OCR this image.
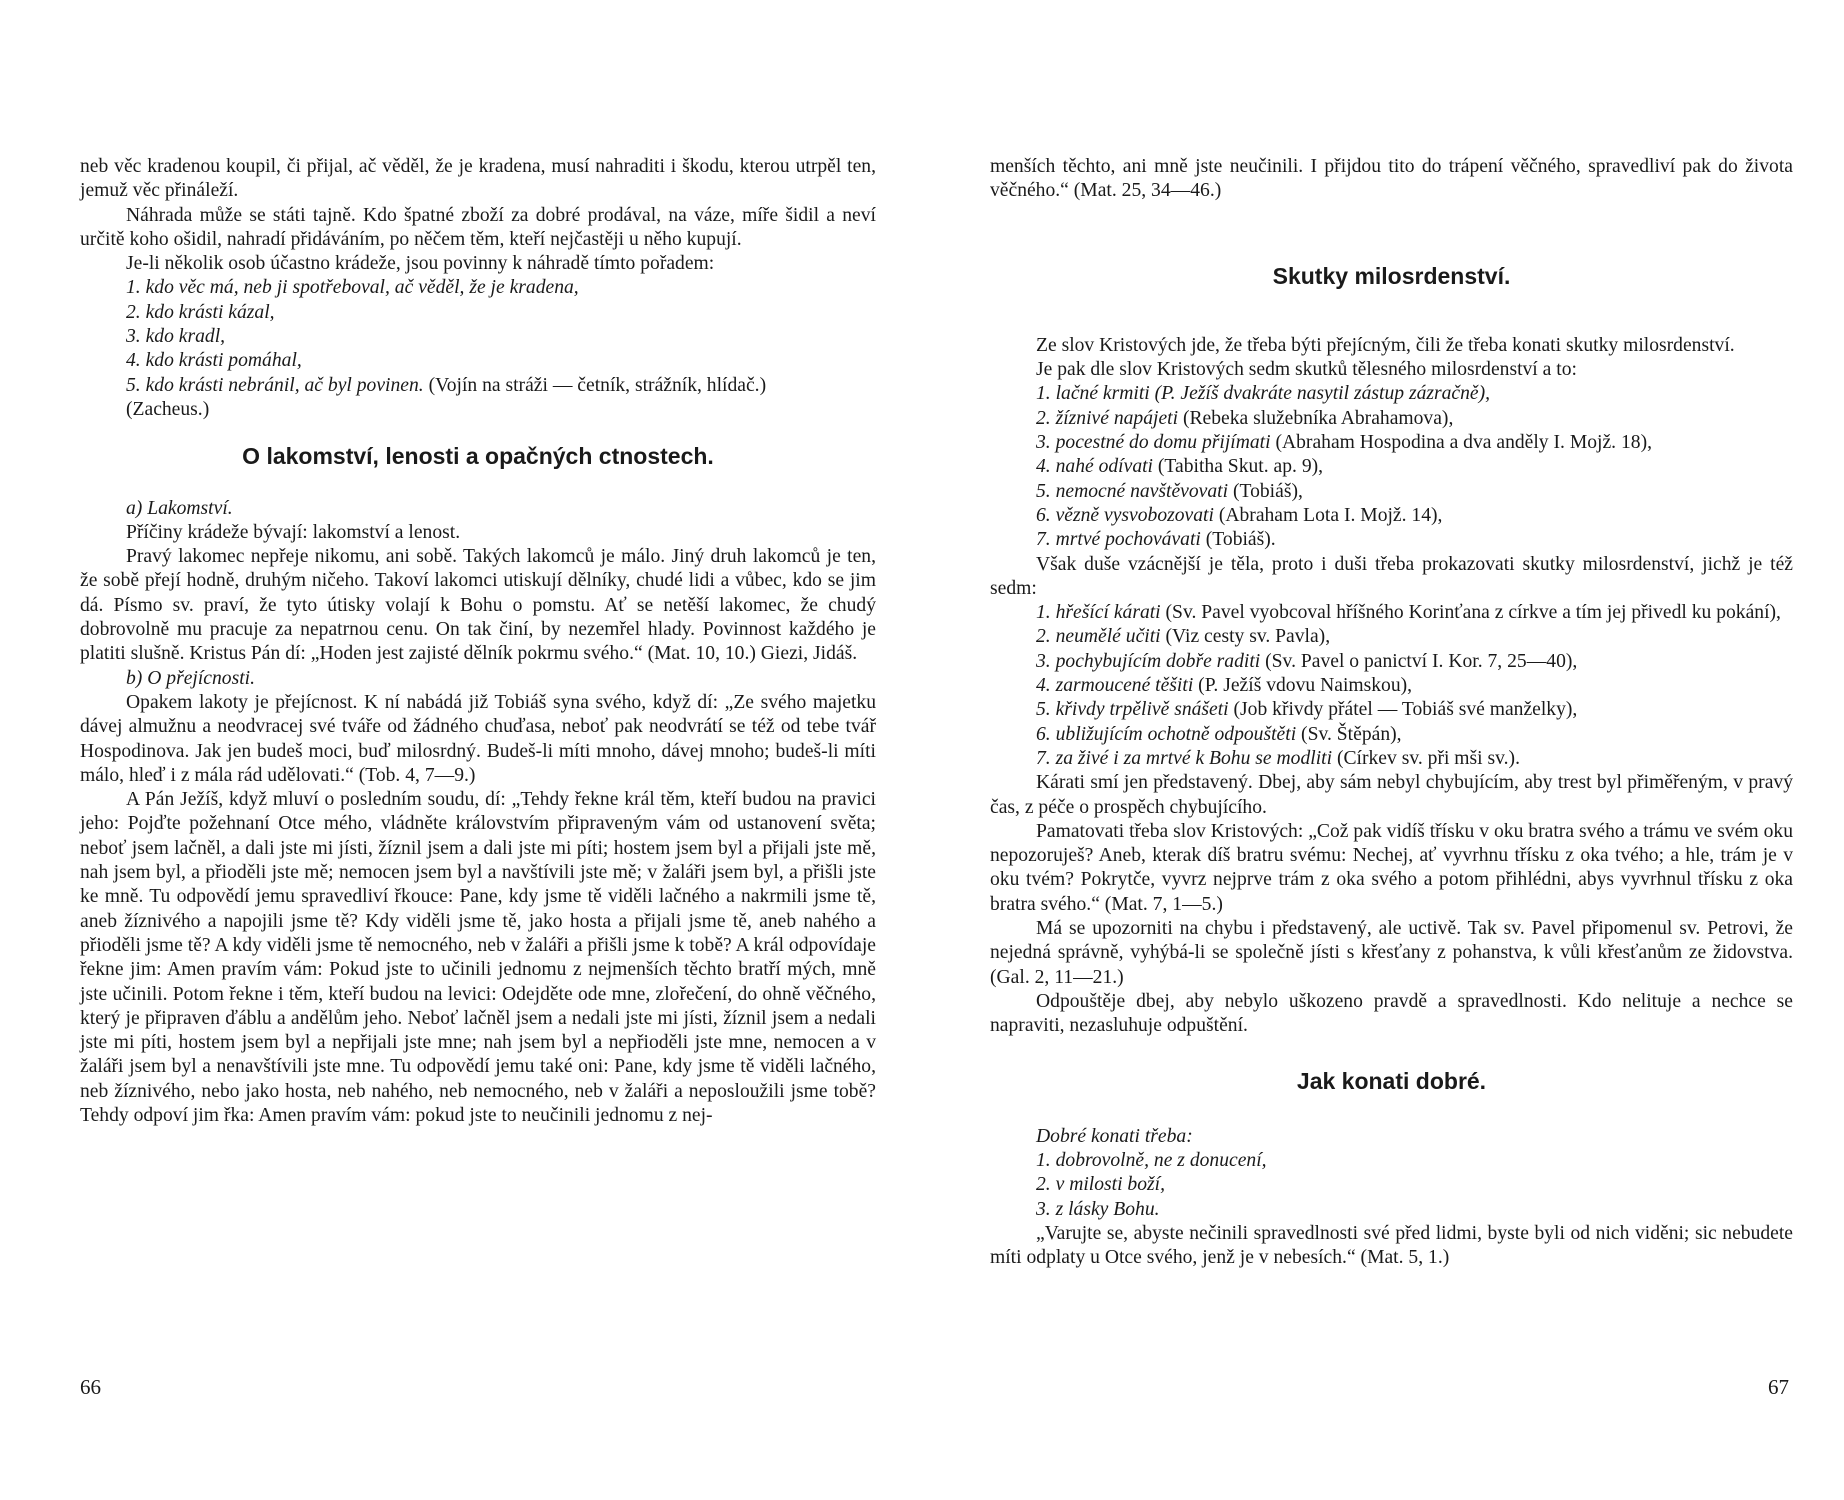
neb věc kradenou koupil, či přijal, ač věděl, že je kradena, musí nahraditi i škodu, kterou utrpěl ten, jemuž věc přináleží.

Náhrada může se státi tajně. Kdo špatné zboží za dobré prodával, na váze, míře šidil a neví určitě koho ošidil, nahradí přidáváním, po něčem těm, kteří nejčastěji u něho kupují.

Je-li několik osob účastno krádeže, jsou povinny k náhradě tímto pořadem:

1. kdo věc má, neb ji spotřeboval, ač věděl, že je kradena,

2. kdo krásti kázal,

3. kdo kradl,

4. kdo krásti pomáhal,

5. kdo krásti nebránil, ač byl povinen. (Vojín na stráži — četník, strážník, hlídač.)

(Zacheus.)

O lakomství, lenosti a opačných ctnostech.

a) Lakomství.

Příčiny krádeže bývají: lakomství a lenost.

Pravý lakomec nepřeje nikomu, ani sobě. Takých lakomců je málo. Jiný druh lakomců je ten, že sobě přejí hodně, druhým ničeho. Takoví lakomci utiskují dělníky, chudé lidi a vůbec, kdo se jim dá. Písmo sv. praví, že tyto útisky volají k Bohu o pomstu. Ať se netěší lakomec, že chudý dobrovolně mu pracuje za nepatrnou cenu. On tak činí, by nezemřel hlady. Povinnost každého je platiti slušně. Kristus Pán dí: „Hoden jest zajisté dělník pokrmu svého.“ (Mat. 10, 10.) Giezi, Jidáš.

b) O přejícnosti.

Opakem lakoty je přejícnost. K ní nabádá již Tobiáš syna svého, když dí: „Ze svého majetku dávej almužnu a neodvracej své tváře od žádného chuďasa, neboť pak neodvrátí se též od tebe tvář Hospodinova. Jak jen budeš moci, buď milosrdný. Budeš-li míti mnoho, dávej mnoho; budeš-li míti málo, hleď i z mála rád udělovati.“ (Tob. 4, 7—9.)

A Pán Ježíš, když mluví o posledním soudu, dí: „Tehdy řekne král těm, kteří budou na pravici jeho: Pojďte požehnaní Otce mého, vládněte královstvím připraveným vám od ustanovení světa; neboť jsem lačněl, a dali jste mi jísti, žíznil jsem a dali jste mi píti; hostem jsem byl a přijali jste mě, nah jsem byl, a přioděli jste mě; nemocen jsem byl a navštívili jste mě; v žaláři jsem byl, a přišli jste ke mně. Tu odpovědí jemu spravedliví řkouce: Pane, kdy jsme tě viděli lačného a nakrmili jsme tě, aneb žíznivého a napojili jsme tě? Kdy viděli jsme tě, jako hosta a přijali jsme tě, aneb nahého a přioděli jsme tě? A kdy viděli jsme tě nemocného, neb v žaláři a přišli jsme k tobě? A král odpovídaje řekne jim: Amen pravím vám: Pokud jste to učinili jednomu z nejmenších těchto bratří mých, mně jste učinili. Potom řekne i těm, kteří budou na levici: Odejděte ode mne, zlořečení, do ohně věčného, který je připraven ďáblu a andělům jeho. Neboť lačněl jsem a nedali jste mi jísti, žíznil jsem a nedali jste mi píti, hostem jsem byl a nepřijali jste mne; nah jsem byl a nepřioděli jste mne, nemocen a v žaláři jsem byl a nenavštívili jste mne. Tu odpovědí jemu také oni: Pane, kdy jsme tě viděli lačného, neb žíznivého, nebo jako hosta, neb nahého, neb nemocného, neb v žaláři a neposloužili jsme tobě? Tehdy odpoví jim řka: Amen pravím vám: pokud jste to neučinili jednomu z nej-

66

menších těchto, ani mně jste neučinili. I přijdou tito do trápení věčného, spravedliví pak do života věčného.“ (Mat. 25, 34—46.)

Skutky milosrdenství.

Ze slov Kristových jde, že třeba býti přejícným, čili že třeba konati skutky milosrdenství.

Je pak dle slov Kristových sedm skutků tělesného milosrdenství a to:

1. lačné krmiti (P. Ježíš dvakráte nasytil zástup zázračně),

2. žíznivé napájeti (Rebeka služebníka Abrahamova),

3. pocestné do domu přijímati (Abraham Hospodina a dva anděly I. Mojž. 18),

4. nahé odívati (Tabitha Skut. ap. 9),

5. nemocné navštěvovati (Tobiáš),

6. vězně vysvobozovati (Abraham Lota I. Mojž. 14),

7. mrtvé pochovávati (Tobiáš).

Však duše vzácnější je těla, proto i duši třeba prokazovati skutky milosrdenství, jichž je též sedm:

1. hřešící kárati (Sv. Pavel vyobcoval hříšného Korinťana z církve a tím jej přivedl ku pokání),

2. neumělé učiti (Viz cesty sv. Pavla),

3. pochybujícím dobře raditi (Sv. Pavel o panictví I. Kor. 7, 25—40),

4. zarmoucené těšiti (P. Ježíš vdovu Naimskou),

5. křivdy trpělivě snášeti (Job křivdy přátel — Tobiáš své manželky),

6. ubližujícím ochotně odpouštěti (Sv. Štěpán),

7. za živé i za mrtvé k Bohu se modliti (Církev sv. při mši sv.).

Kárati smí jen představený. Dbej, aby sám nebyl chybujícím, aby trest byl přiměřeným, v pravý čas, z péče o prospěch chybujícího.

Pamatovati třeba slov Kristových: „Což pak vidíš třísku v oku bratra svého a trámu ve svém oku nepozoruješ? Aneb, kterak díš bratru svému: Nechej, ať vyvrhnu třísku z oka tvého; a hle, trám je v oku tvém? Pokrytče, vyvrz neјprve trám z oka svého a potom přihlédni, abys vyvrhnul třísku z oka bratra svého.“ (Mat. 7, 1—5.)

Má se upozorniti na chybu i představený, ale uctivě. Tak sv. Pavel připomenul sv. Petrovi, že nejedná správně, vyhýbá-li se společně jísti s křesťany z pohanstva, k vůli křesťanům ze židovstva. (Gal. 2, 11—21.)

Odpouštěje dbej, aby nebylo uškozeno pravdě a spravedlnosti. Kdo nelituje a nechce se napraviti, nezasluhuje odpuštění.

Jak konati dobré.

Dobré konati třeba:

1. dobrovolně, ne z donucení,

2. v milosti boží,

3. z lásky Bohu.

„Varujte se, abyste nečinili spravedlnosti své před lidmi, byste byli od nich viděni; sic nebudete míti odplaty u Otce svého, jenž je v nebesích.“ (Mat. 5, 1.)

67
